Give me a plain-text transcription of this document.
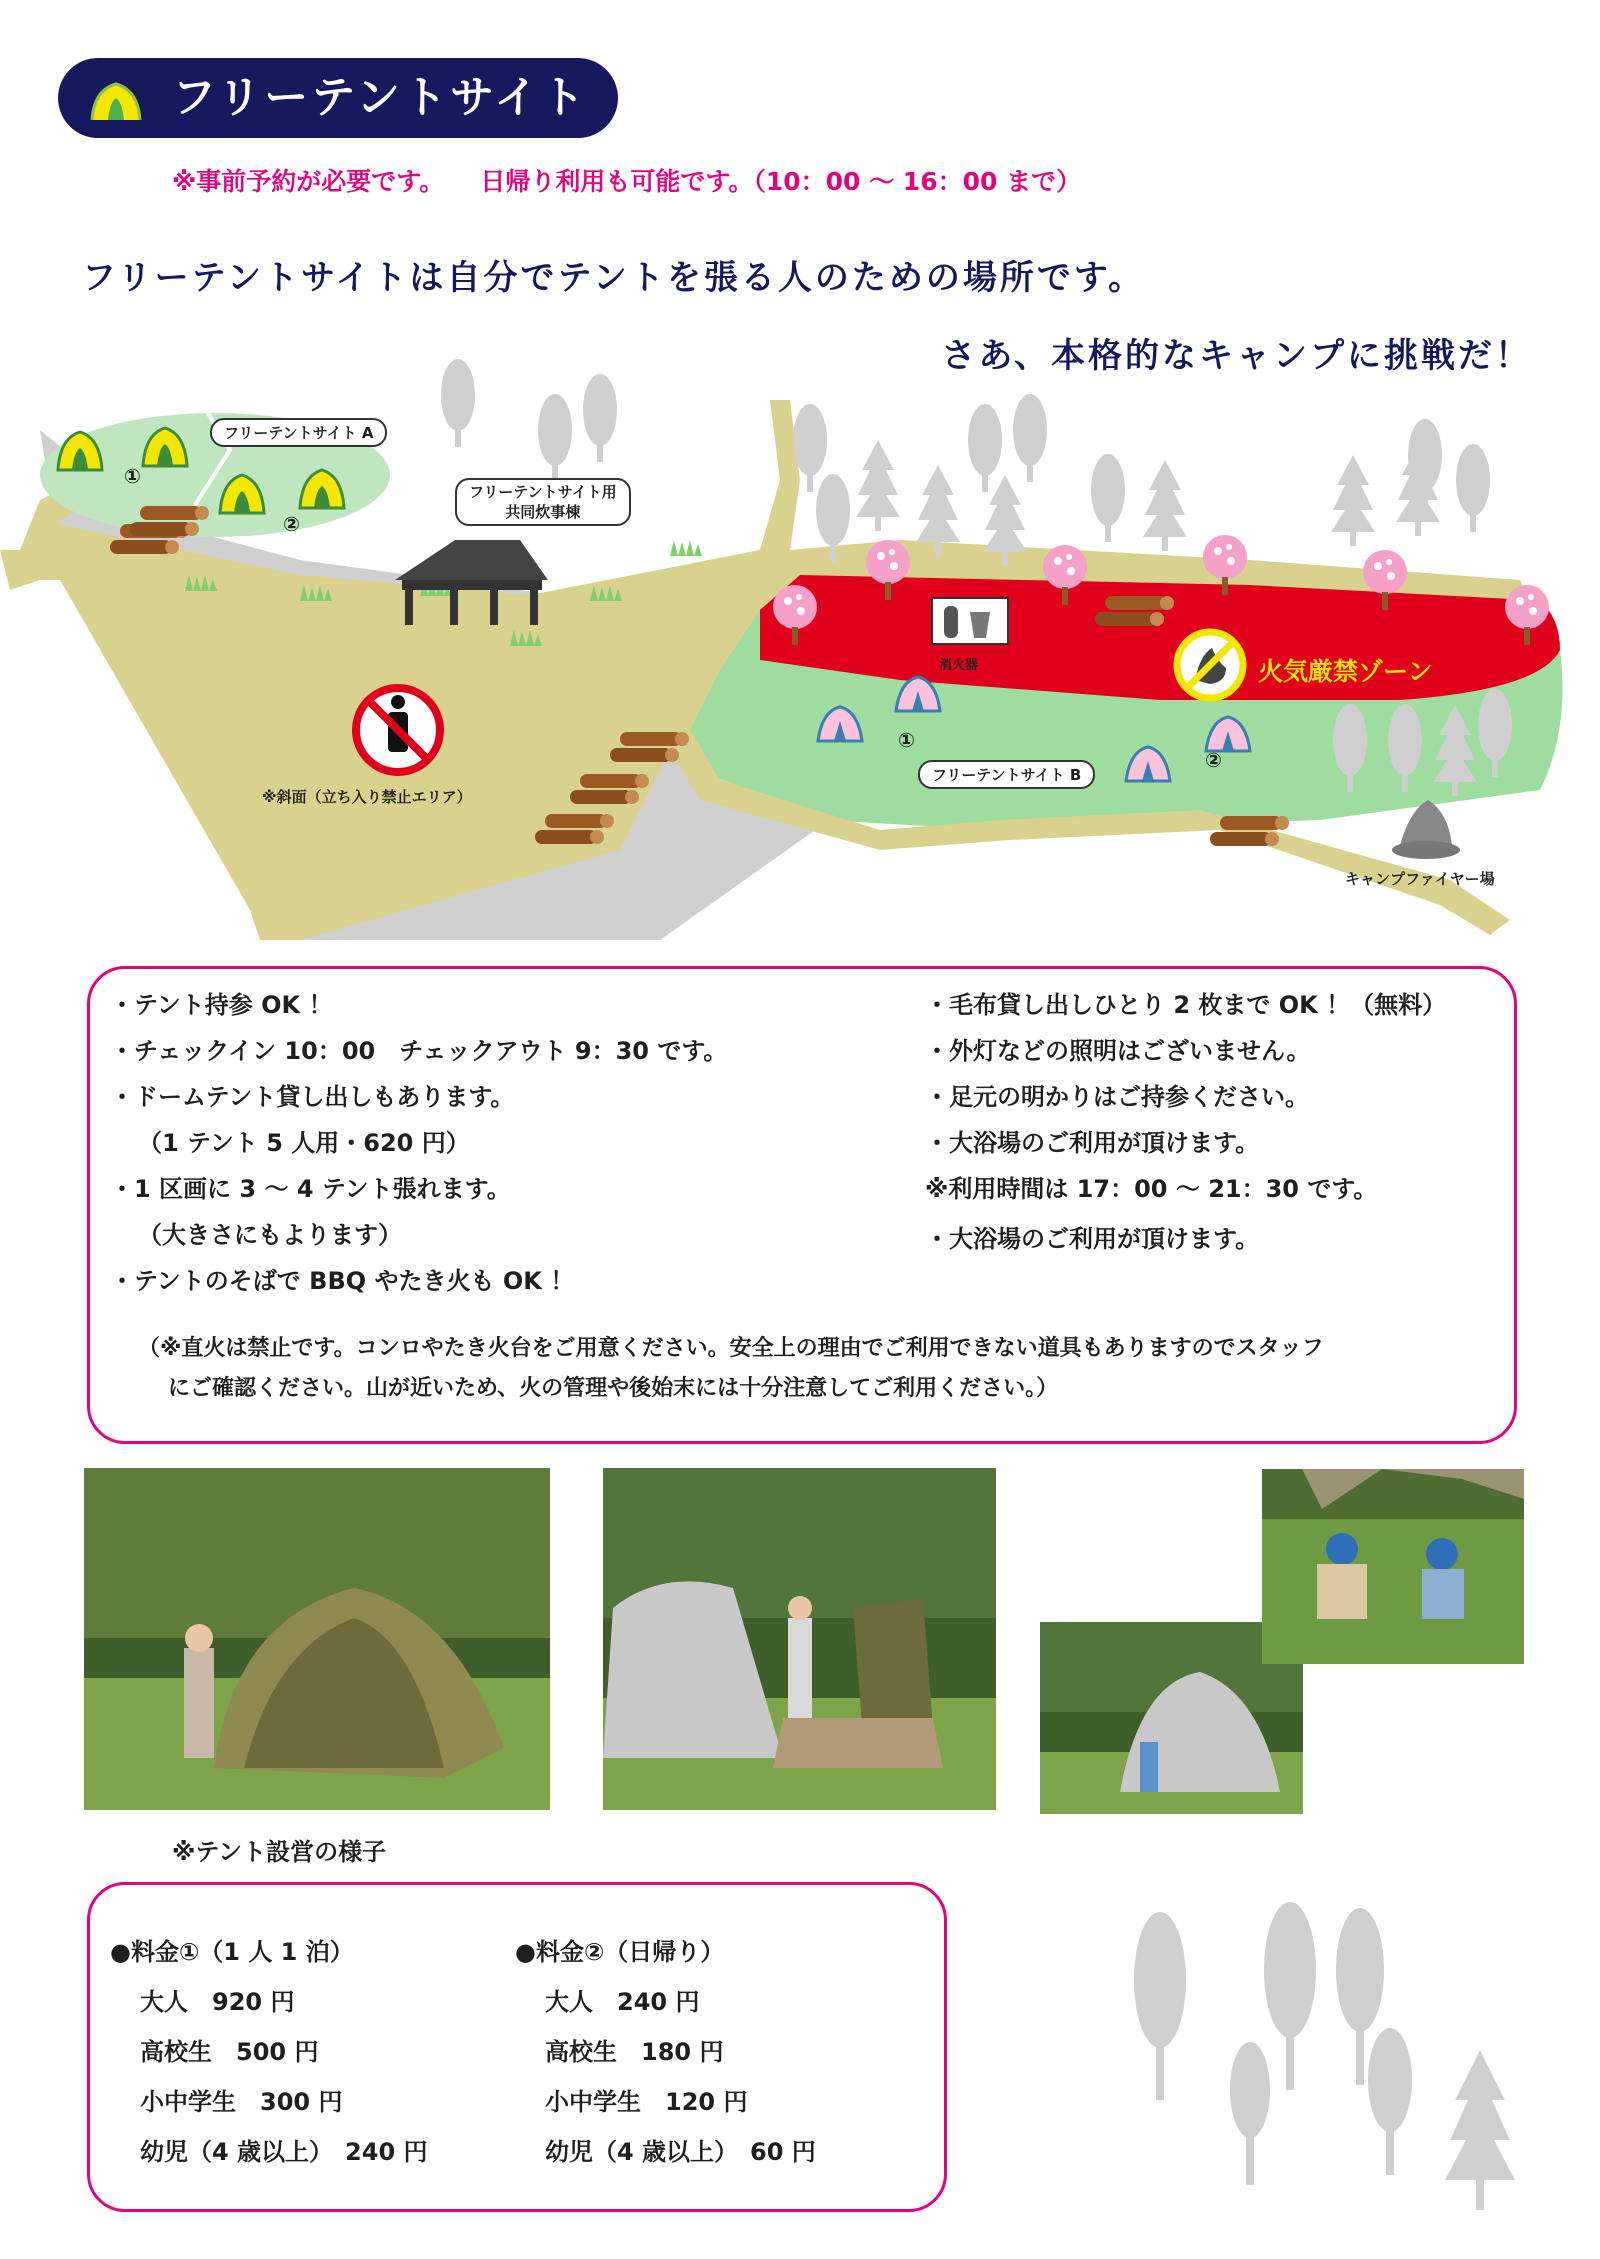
フリーテントサイト
※事前予約が必要です。 日帰り利用も可能です。（10：00 ～ 16：00 まで）
フリーテントサイトは自分でテントを張る人のための場所です。
さあ、本格的なキャンプに挑戦だ！
フリーテントサイト A
①
②
フリーテントサイト用
共同炊事棟
※斜面（立ち入り禁止エリア）
消火器	火気厳禁ゾーン
①
②
フリーテントサイト B
キャンプファイヤー場
・テント持参 OK ！
・チェックイン 10：00　チェックアウト 9：30 です。
・ドームテント貸し出しもあります。
（1 テント 5 人用・620 円）
・1 区画に 3 ～ 4 テント張れます。
（大きさにもよります）
・テントのそばで BBQ やたき火も OK ！
（※直火は禁止です。コンロやたき火台をご用意ください。安全上の理由でご利用できない道具もありますのでスタッフ
にご確認ください。山が近いため、火の管理や後始末には十分注意してご利用ください。）
・毛布貸し出しひとり 2 枚まで OK ！（無料）
・外灯などの照明はございません。
・足元の明かりはご持参ください。
・大浴場のご利用が頂けます。
※利用時間は 17：00 ～ 21：30 です。
・大浴場のご利用が頂けます。
※テント設営の様子
●料金①（1 人 1 泊）
大人　920 円
高校生　500 円
小中学生　300 円
幼児（4 歳以上）　240 円
●料金②（日帰り）
大人　240 円
高校生　180 円
小中学生　120 円
幼児（4 歳以上）　60 円
